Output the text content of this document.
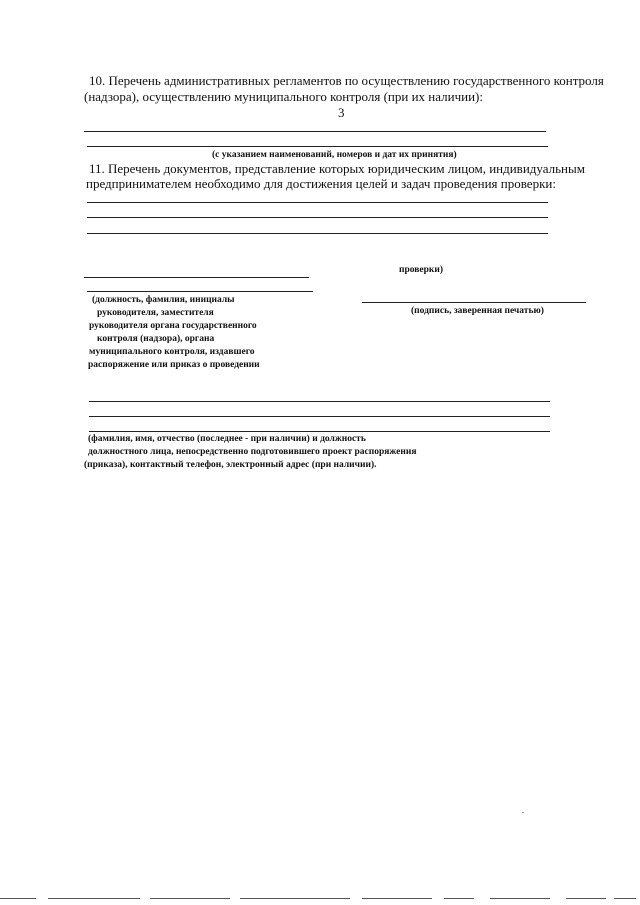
10. Перечень административных регламентов по осуществлению государственного контроля
(надзора), осуществлению муниципального контроля (при их наличии):
3
(с указанием наименований, номеров и дат их принятия)
11. Перечень документов, представление которых юридическим лицом, индивидуальным
предпринимателем необходимо для достижения целей и задач проведения проверки:
проверки)
(должность, фамилия, инициалы
руководителя, заместителя
руководителя органа государственного
контроля (надзора), органа
муниципального контроля, издавшего
распоряжение или приказ о проведении
(подпись, заверенная печатью)
(фамилия, имя, отчество (последнее - при наличии) и должность
должностного лица, непосредственно подготовившего проект распоряжения
(приказа), контактный телефон, электронный адрес (при наличии).
